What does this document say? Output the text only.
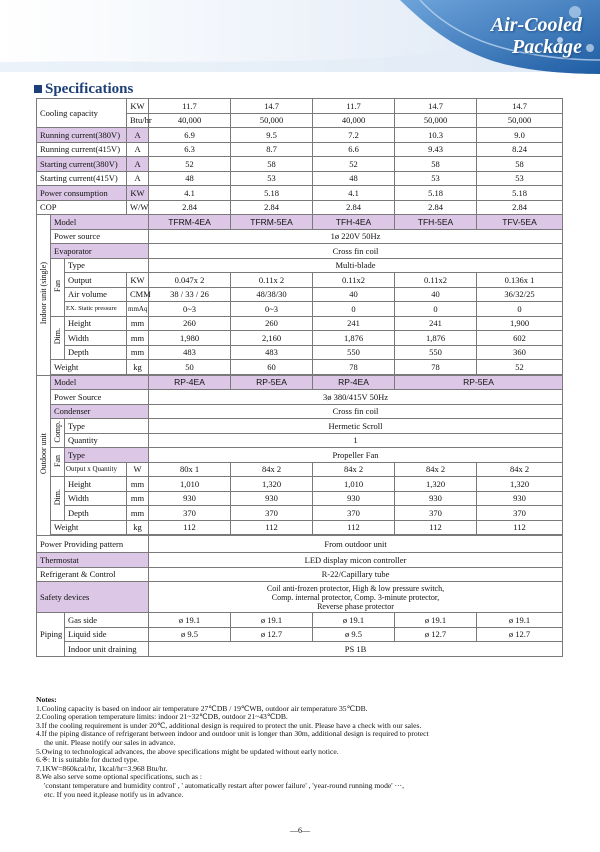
Air-Cooled
Package
Specifications
Cooling capacity			KW	11.7	14.7	11.7	14.7	14.7
			Btu/hr	40,000	50,000	40,000	50,000	50,000
Running current(380V)			A	6.9	9.5	7.2	10.3	9.0
Running current(415V)			A	6.3	8.7	6.6	9.43	8.24
Starting current(380V)			A	52	58	52	58	58
Starting current(415V)			A	48	53	48	53	53
Power consumption			KW	4.1	5.18	4.1	5.18	5.18
COP			W/W	2.84	2.84	2.84	2.84	2.84
Indoor unit (single)	Model			TFRM-4EA	TFRM-5EA	TFH-4EA	TFH-5EA	TFV-5EA
	Power source			1ø 220V 50Hz				
	Evaporator			Cross fin coil				
	Fan	Type		Multi-blade				
		Output	KW	0.047x 2	0.11x 2	0.11x2	0.11x2	0.136x 1
		Air volume	CMM	38 / 33 / 26	48/38/30	40	40	36/32/25
		EX. Static pressure	mmAq	0~3	0~3	0	0	0
	Dim.	Height	mm	260	260	241	241	1,900
		Width	mm	1,980	2,160	1,876	1,876	602
		Depth	mm	483	483	550	550	360
	Weight		kg	50	60	78	78	52

Outdoor unit	Model			RP-4EA	RP-5EA	RP-4EA	RP-5EA	
	Power Source			3ø 380/415V 50Hz				
	Condenser			Cross fin coil				
	Comp.	Type		Hermetic Scroll				
		Quantity		1				
	Fan	Type		Propeller Fan				
		Output x Quantity	W	80x 1	84x 2	84x 2	84x 2	84x 2
	Dim.	Height	mm	1,010	1,320	1,010	1,320	1,320
		Width	mm	930	930	930	930	930
		Depth	mm	370	370	370	370	370
	Weight		kg	112	112	112	112	112

Power Providing pattern				From outdoor unit				
Thermostat				LED display micon controller				
Refrigerant & Control				R-22/Capillary tube				
Safety devices				Coil anti-frozen protector, High & low pressure switch,
Comp. internal protector, Comp. 3-minute protector,
Reverse phase protector				

Piping		Gas side		ø 19.1	ø 19.1	ø 19.1	ø 19.1	ø 19.1
		Liquid side		ø 9.5	ø 12.7	ø 9.5	ø 12.7	ø 12.7
		Indoor unit draining		PS 1B				
Notes:
1.Cooling capacity is based on indoor air temperature 27℃DB / 19℃WB, outdoor air temperature 35℃DB.
2.Cooling operation temperature limits: indoor 21~32℃DB, outdoor 21~43℃DB.
3.If the cooling requirement is under 20℃, additional design is required to protect the unit. Please have a check with our sales.
4.If the piping distance of refrigerant between indoor and outdoor unit is longer than 30m, additional design is required to protect
the unit. Please notify our sales in advance.
5.Owing to technological advances, the above specifications might be updated without early notice.
6.※: It is suitable for ducted type.
7.1KW=860kcal/hr, 1kcal/hr=3.968 Btu/hr.
8.We also serve some optional specifications, such as :
'constant temperature and humidity control' , ' automatically restart after power failure' , 'year-round running mode' ···,
etc. If you need it,please notify us in advance.
—6—
